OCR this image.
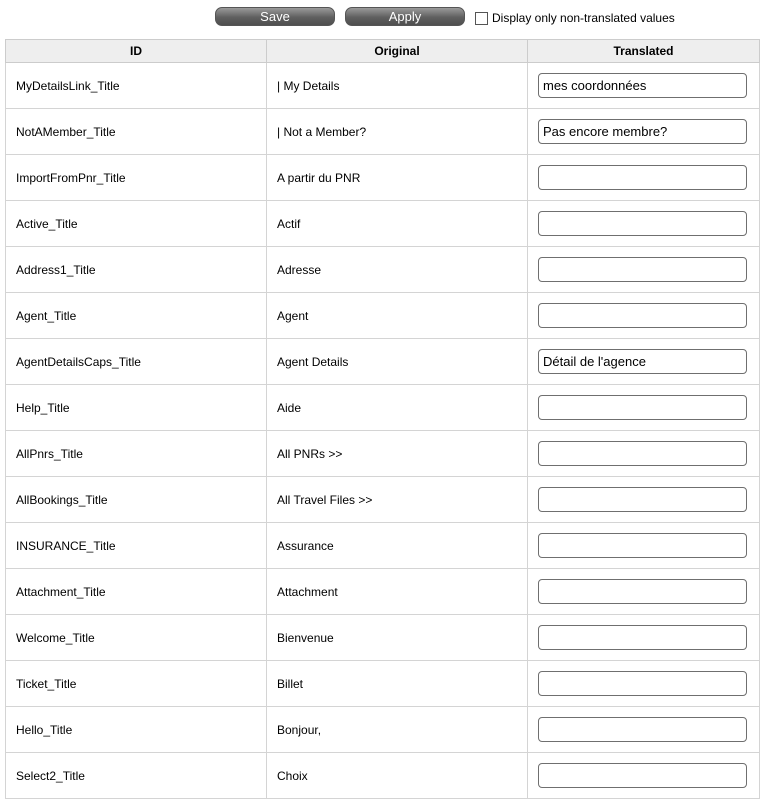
Save	Apply	Display only non-translated values
ID	Original	Translated
MyDetailsLink_Title	| My Details	mes coordonnées

NotAMember_Title	| Not a Member?	Pas encore membre?

ImportFromPnr_Title	A partir du PNR	

Active_Title	Actif	

Address1_Title	Adresse	

Agent_Title	Agent	

AgentDetailsCaps_Title	Agent Details	Détail de l'agence

Help_Title	Aide	

AllPnrs_Title	All PNRs >>	

AllBookings_Title	All Travel Files >>	

INSURANCE_Title	Assurance	

Attachment_Title	Attachment	

Welcome_Title	Bienvenue	

Ticket_Title	Billet	

Hello_Title	Bonjour,	

Select2_Title	Choix	
